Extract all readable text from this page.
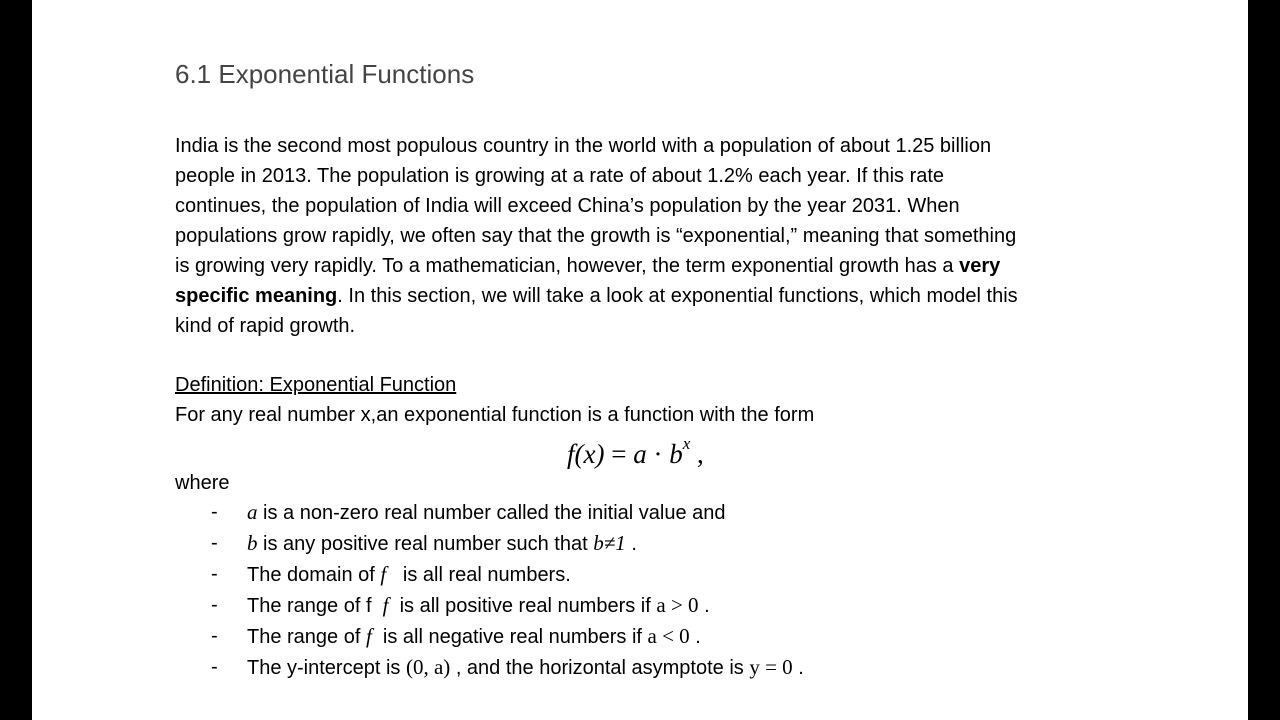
6.1 Exponential Functions

India is the second most populous country in the world with a population of about 1.25 billion
people in 2013. The population is growing at a rate of about 1.2% each year. If this rate
continues, the population of India will exceed China’s population by the year 2031. When
populations grow rapidly, we often say that the growth is “exponential,” meaning that something
is growing very rapidly. To a mathematician, however, the term exponential growth has a very
specific meaning. In this section, we will take a look at exponential functions, which model this
kind of rapid growth.

Definition: Exponential Function
For any real number x,an exponential function is a function with the form
$f(x) = a \cdot b^x$ ,
where
- a is a non-zero real number called the initial value and
- b is any positive real number such that b≠1 .
- The domain of f   is all real numbers.
- The range of f  f  is all positive real numbers if a > 0 .
- The range of f  is all negative real numbers if a < 0 .
- The y-intercept is (0, a) , and the horizontal asymptote is y = 0 .
